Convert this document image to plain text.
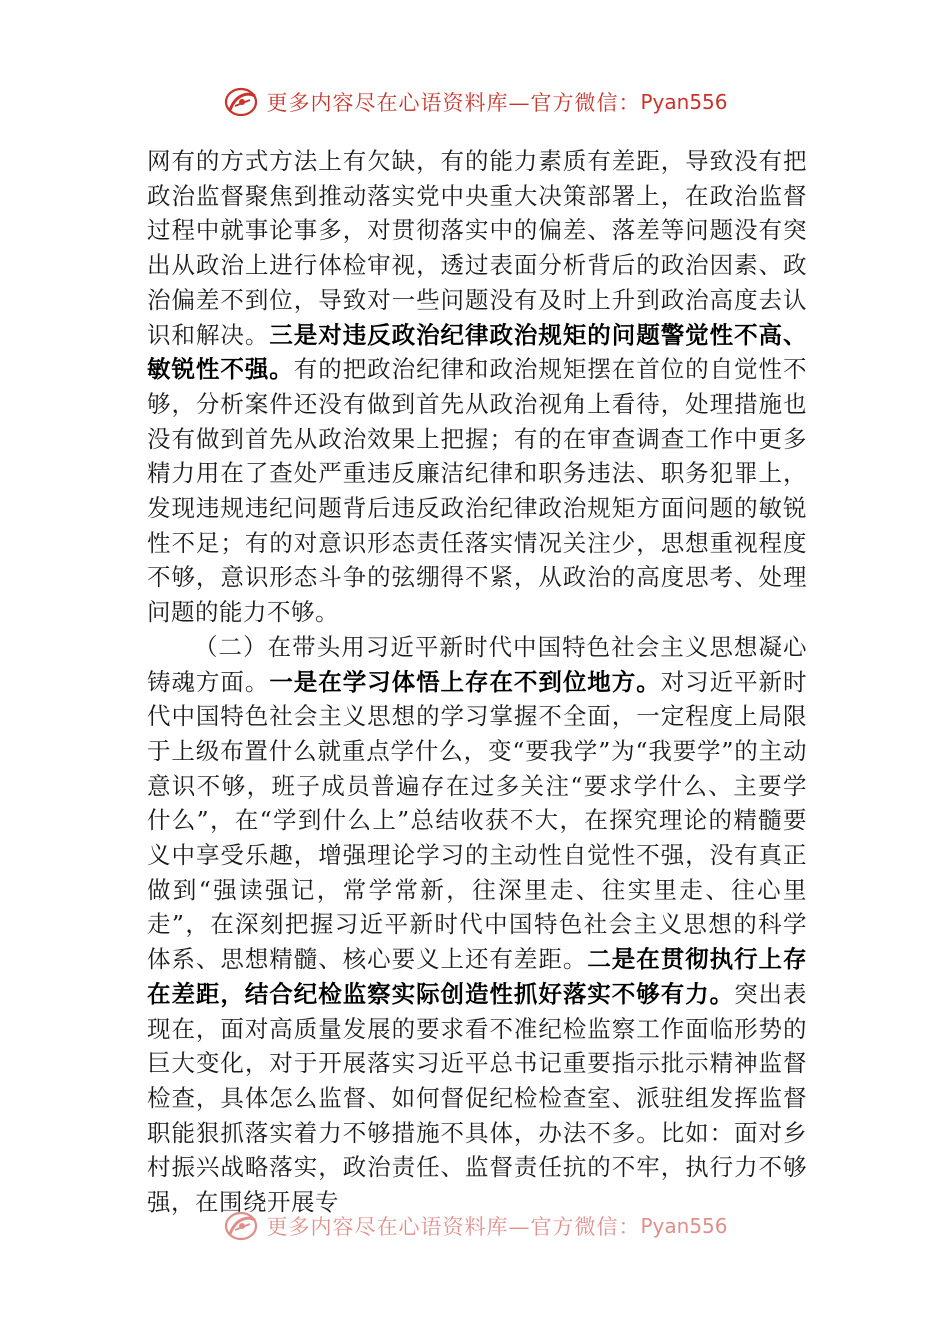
更多内容尽在心语资料库—官方微信： Pyan556

网有的方式方法上有欠缺，有的能力素质有差距，导致没有把政治监督聚焦到推动落实党中央重大决策部署上，在政治监督过程中就事论事多，对贯彻落实中的偏差、落差等问题没有突出从政治上进行体检审视，透过表面分析背后的政治因素、政治偏差不到位，导致对一些问题没有及时上升到政治高度去认识和解决。三是对违反政治纪律政治规矩的问题警觉性不高、敏锐性不强。有的把政治纪律和政治规矩摆在首位的自觉性不够，分析案件还没有做到首先从政治视角上看待，处理措施也没有做到首先从政治效果上把握；有的在审查调查工作中更多精力用在了查处严重违反廉洁纪律和职务违法、职务犯罪上，发现违规违纪问题背后违反政治纪律政治规矩方面问题的敏锐性不足；有的对意识形态责任落实情况关注少，思想重视程度不够，意识形态斗争的弦绷得不紧，从政治的高度思考、处理问题的能力不够。

（二）在带头用习近平新时代中国特色社会主义思想凝心铸魂方面。一是在学习体悟上存在不到位地方。对习近平新时代中国特色社会主义思想的学习掌握不全面，一定程度上局限于上级布置什么就重点学什么，变“要我学”为“我要学”的主动意识不够，班子成员普遍存在过多关注“要求学什么、主要学什么”，在“学到什么上”总结收获不大，在探究理论的精髓要义中享受乐趣，增强理论学习的主动性自觉性不强，没有真正做到“强读强记，常学常新，往深里走、往实里走、往心里走”，在深刻把握习近平新时代中国特色社会主义思想的科学体系、思想精髓、核心要义上还有差距。二是在贯彻执行上存在差距，结合纪检监察实际创造性抓好落实不够有力。突出表现在，面对高质量发展的要求看不准纪检监察工作面临形势的巨大变化，对于开展落实习近平总书记重要指示批示精神监督检查，具体怎么监督、如何督促纪检检查室、派驻组发挥监督职能狠抓落实着力不够措施不具体，办法不多。比如：面对乡村振兴战略落实，政治责任、监督责任抗的不牢，执行力不够强，在围绕开展专

更多内容尽在心语资料库—官方微信： Pyan556
